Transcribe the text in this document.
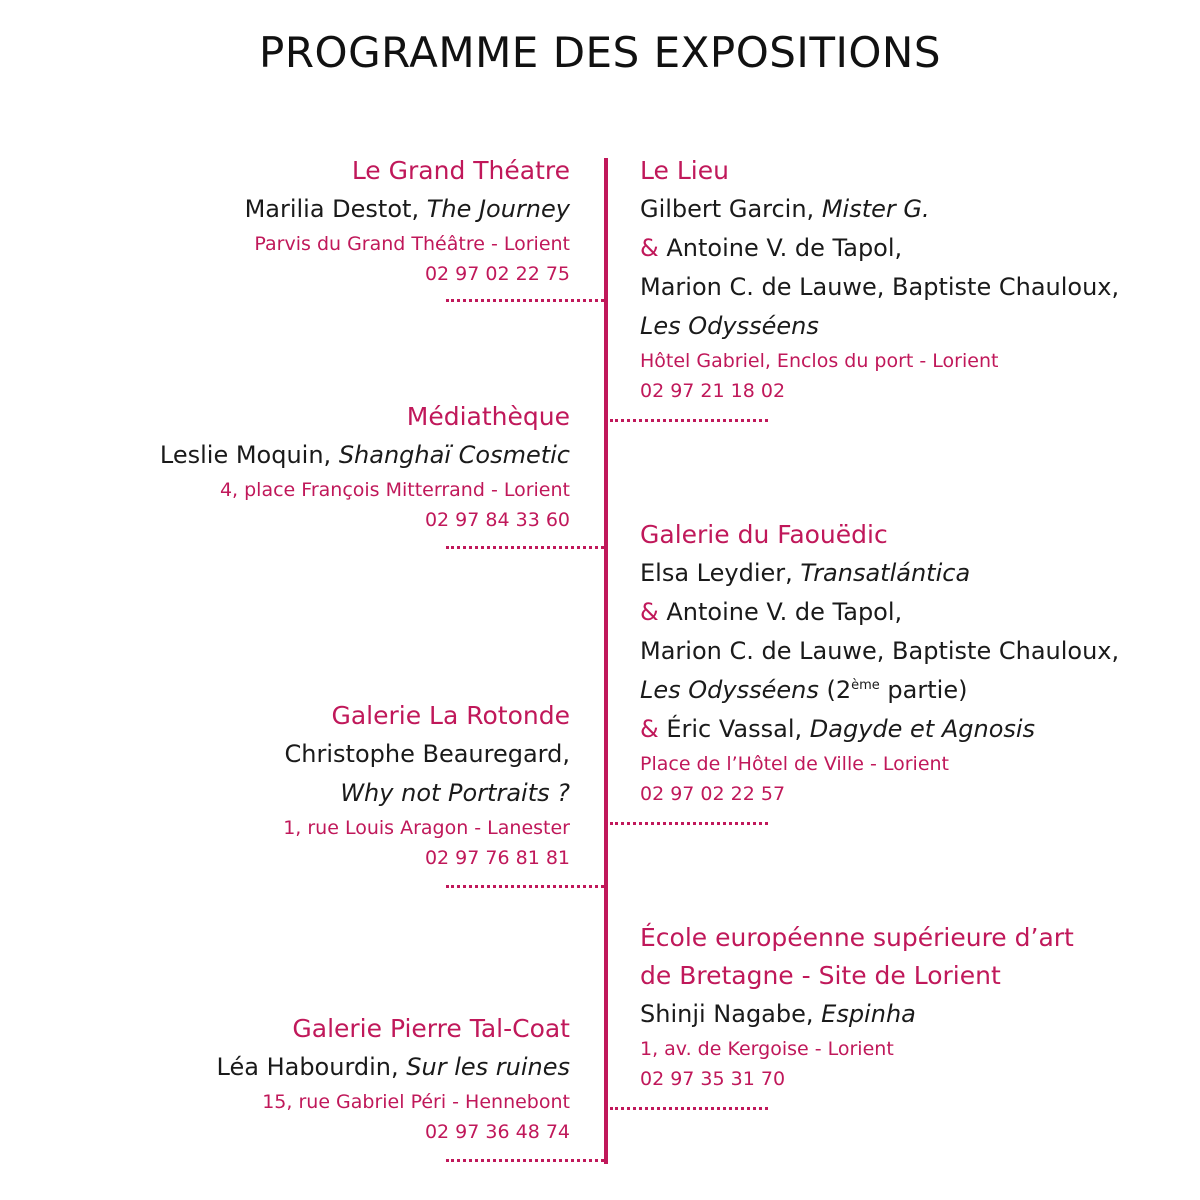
PROGRAMME DES EXPOSITIONS
Le Grand Théatre
Marilia Destot, The Journey
Parvis du Grand Théâtre - Lorient
02 97 02 22 75
Médiathèque
Leslie Moquin, Shanghaï Cosmetic
4, place François Mitterrand - Lorient
02 97 84 33 60
Galerie La Rotonde
Christophe Beauregard,
Why not Portraits ?
1, rue Louis Aragon - Lanester
02 97 76 81 81
Galerie Pierre Tal-Coat
Léa Habourdin, Sur les ruines
15, rue Gabriel Péri - Hennebont
02 97 36 48 74
Le Lieu
Gilbert Garcin, Mister G.
& Antoine V. de Tapol,
Marion C. de Lauwe, Baptiste Chauloux,
Les Odysséens
Hôtel Gabriel, Enclos du port - Lorient
02 97 21 18 02
Galerie du Faouëdic
Elsa Leydier, Transatlántica
& Antoine V. de Tapol,
Marion C. de Lauwe, Baptiste Chauloux,
Les Odysséens (2ème partie)
& Éric Vassal, Dagyde et Agnosis
Place de l’Hôtel de Ville - Lorient
02 97 02 22 57
École européenne supérieure d’art
de Bretagne - Site de Lorient
Shinji Nagabe, Espinha
1, av. de Kergoise - Lorient
02 97 35 31 70
